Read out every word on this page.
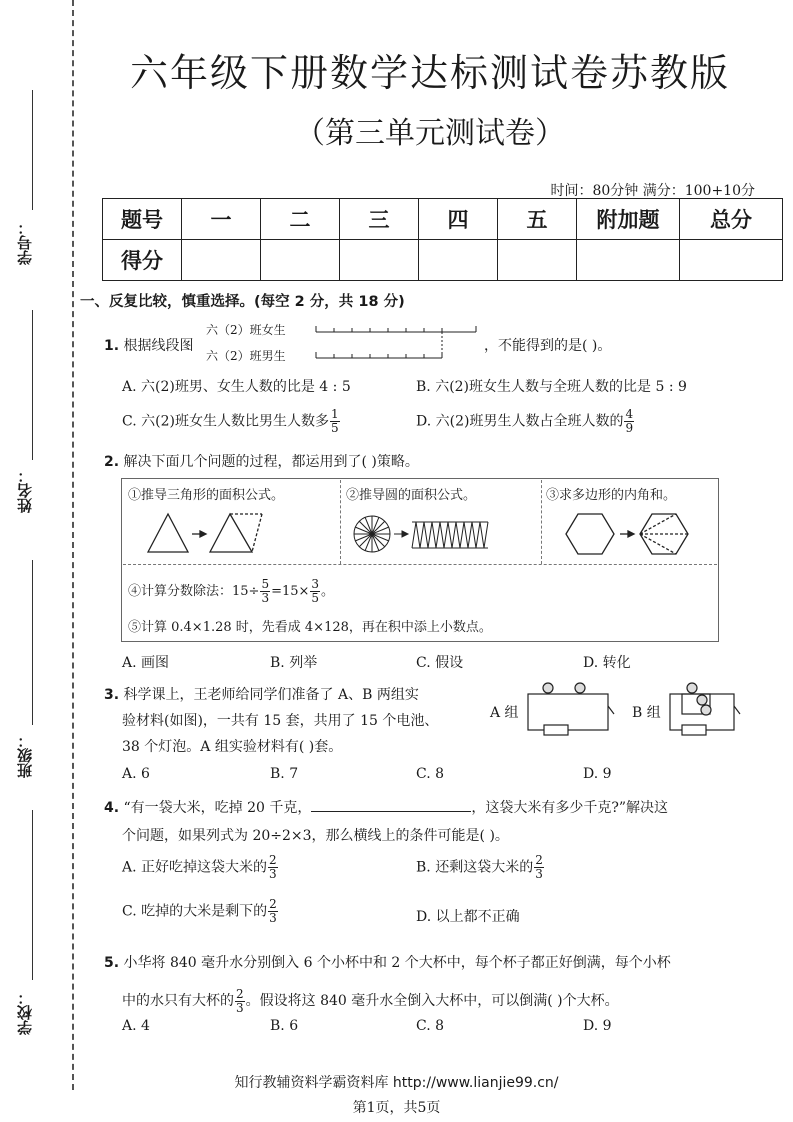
学号：
姓名：
班级：
学校：
六年级下册数学达标测试卷苏教版
（第三单元测试卷）
时间：80分钟 满分：100+10分
题号	一	二	三	四	五	附加题	总分
得分							
一、反复比较，慎重选择。(每空 2 分，共 18 分)
1. 根据线段图
六（2）班女生
六（2）班男生
，不能得到的是( )。
A. 六(2)班男、女生人数的比是 4 : 5	B. 六(2)班女生人数与全班人数的比是 5 : 9
C. 六(2)班女生人数比男生人数多 $\frac{1}{5}$	D. 六(2)班男生人数占全班人数的 $\frac{4}{9}$
2. 解决下面几个问题的过程，都运用到了( )策略。
①推导三角形的面积公式。	②推导圆的面积公式。	③求多边形的内角和。
④计算分数除法：$15\div \frac{5}{3} =15\times \frac{3}{5}$ 。
⑤计算 0.4×1.28 时，先看成 4×128，再在积中添上小数点。
A. 画图	B. 列举	C. 假设	D. 转化
3. 科学课上，王老师给同学们准备了 A、B 两组实
验材料(如图)，一共有 15 套，共用了 15 个电池、
38 个灯泡。A 组实验材料有( )套。
A 组	B 组
A. 6	B. 7	C. 8	D. 9
4. “有一袋大米，吃掉 20 千克，	，这袋大米有多少千克?”解决这
个问题，如果列式为 20÷2×3，那么横线上的条件可能是( )。
A. 正好吃掉这袋大米的 $\frac{2}{3}$	B. 还剩这袋大米的 $\frac{2}{3}$
C. 吃掉的大米是剩下的 $\frac{2}{3}$	D. 以上都不正确
5. 小华将 840 毫升水分别倒入 6 个小杯中和 2 个大杯中，每个杯子都正好倒满，每个小杯
中的水只有大杯的 $\frac{2}{3}$ 。假设将这 840 毫升水全倒入大杯中，可以倒满( )个大杯。
A. 4	B. 6	C. 8	D. 9
知行教辅资料学霸资料库 http://www.lianjie99.cn/
第1页，共5页
